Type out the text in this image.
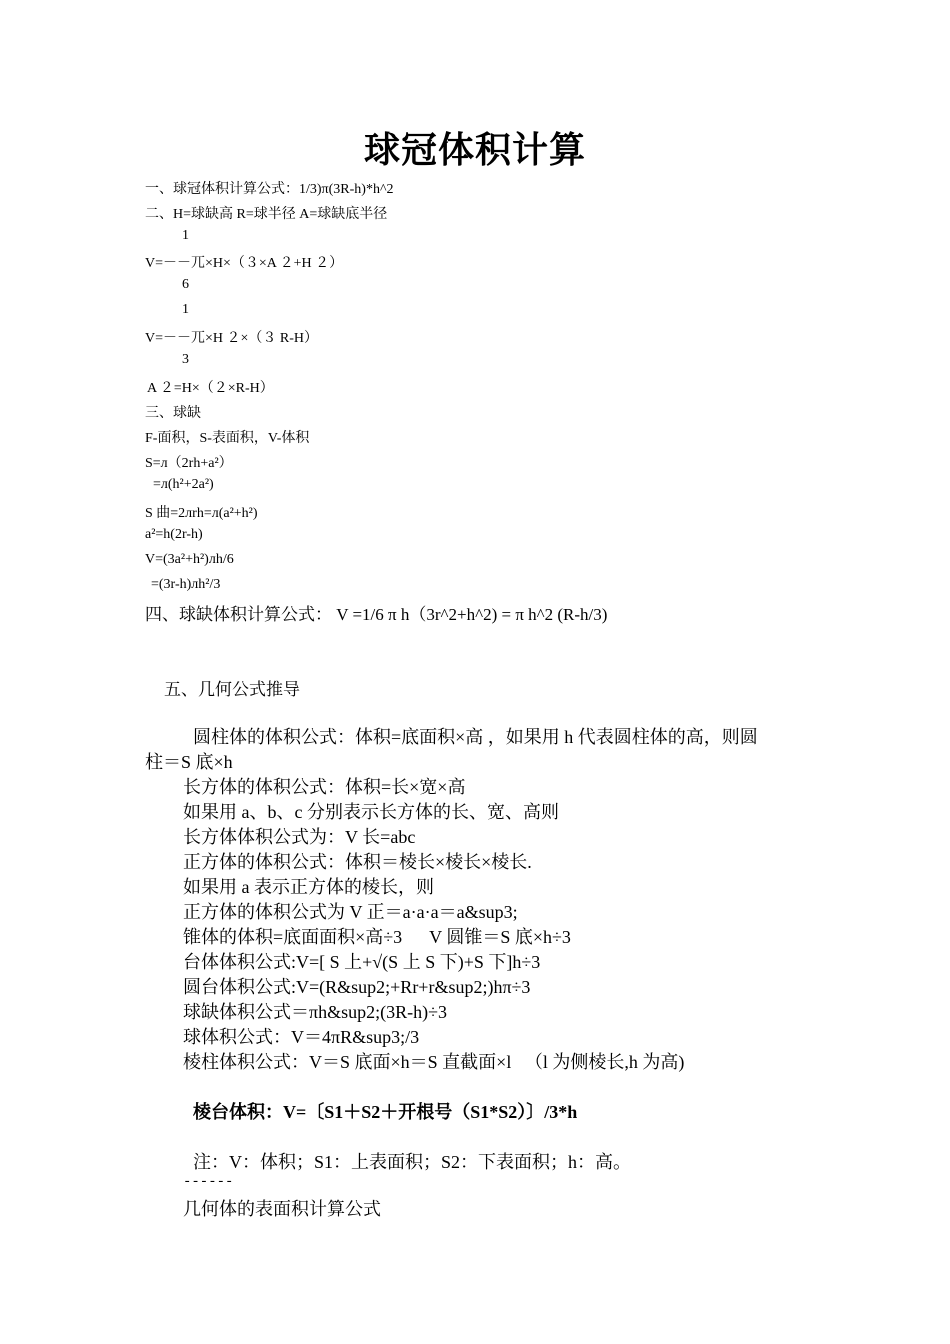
球冠体积计算
一、球冠体积计算公式：1/3)π(3R-h)*h^2
二、H=球缺高 R=球半径 A=球缺底半径
1
V=－－兀×H×（３×A ２+H ２）
6
1
V=－－兀×H ２×（３ R-H）
3
A ２=H×（２×R-H）
三、球缺
F-面积，S-表面积，V-体积
S=л（2rh+a²）
=л(h²+2a²)
S 曲=2лrh=л(a²+h²)
a²=h(2r-h)
V=(3a²+h²)лh/6
=(3r-h)лh²/3
四、球缺体积计算公式： V =1/6 π h（3r^2+h^2) = π h^2 (R-h/3)
五、几何公式推导
圆柱体的体积公式：体积=底面积×高 ，如果用 h 代表圆柱体的高，则圆
柱＝S 底×h
长方体的体积公式：体积=长×宽×高
如果用 a、b、c 分别表示长方体的长、宽、高则
长方体体积公式为：V 长=abc
正方体的体积公式：体积＝棱长×棱长×棱长.
如果用 a 表示正方体的棱长，则
正方体的体积公式为 V 正＝a·a·a＝a&sup3;
锥体的体积=底面面积×高÷3      V 圆锥＝S 底×h÷3
台体体积公式:V=[ S 上+√(S 上 S 下)+S 下]h÷3
圆台体积公式:V=(R&sup2;+Rr+r&sup2;)hπ÷3
球缺体积公式＝πh&sup2;(3R-h)÷3
球体积公式：V＝4πR&sup3;/3
棱柱体积公式：V＝S 底面×h＝S 直截面×l   （l 为侧棱长,h 为高)
棱台体积：V=〔S1＋S2＋开根号（S1*S2）〕/3*h
注：V：体积；S1：上表面积；S2：下表面积；h：高。
------
几何体的表面积计算公式
